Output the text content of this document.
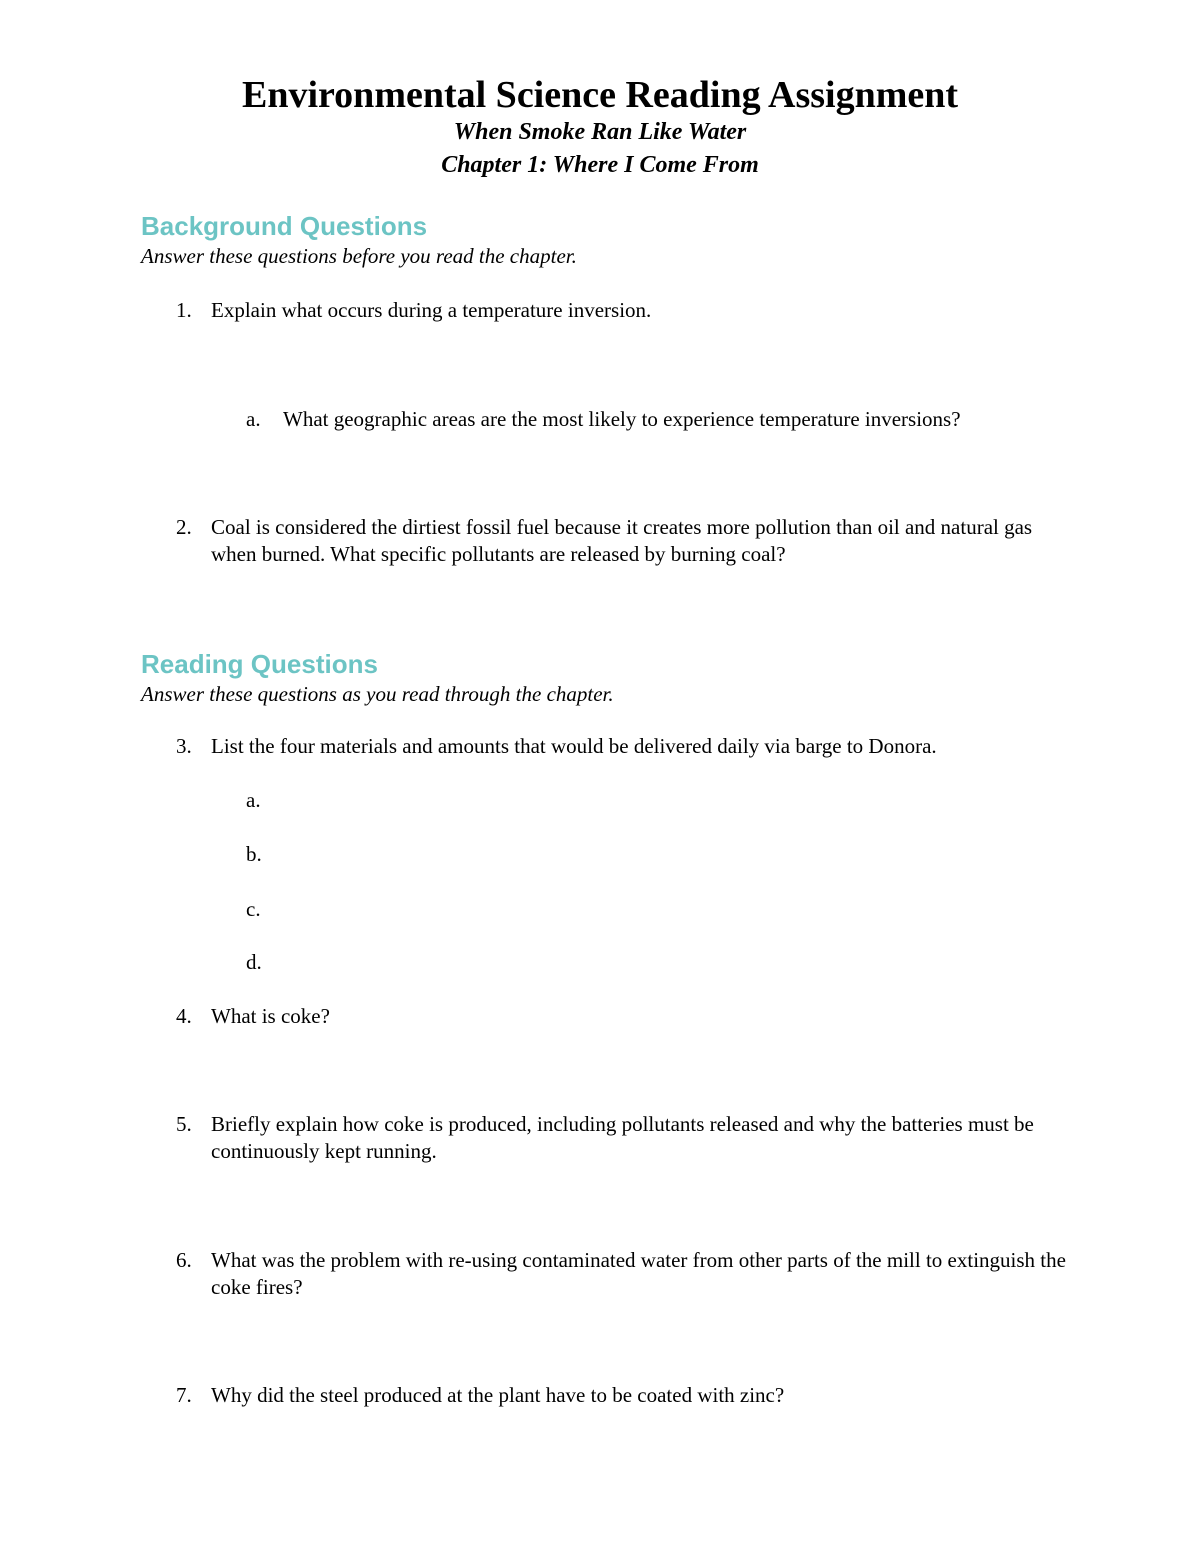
Environmental Science Reading Assignment

When Smoke Ran Like Water

Chapter 1: Where I Come From

Background Questions

Answer these questions before you read the chapter.

1. Explain what occurs during a temperature inversion.
a. What geographic areas are the most likely to experience temperature inversions?
2. Coal is considered the dirtiest fossil fuel because it creates more pollution than oil and natural gas when burned. What specific pollutants are released by burning coal?
Reading Questions

Answer these questions as you read through the chapter.

3. List the four materials and amounts that would be delivered daily via barge to Donora.
a.
b.
c.
d.
4. What is coke?
5. Briefly explain how coke is produced, including pollutants released and why the batteries must be continuously kept running.
6. What was the problem with re-using contaminated water from other parts of the mill to extinguish the coke fires?
7. Why did the steel produced at the plant have to be coated with zinc?
